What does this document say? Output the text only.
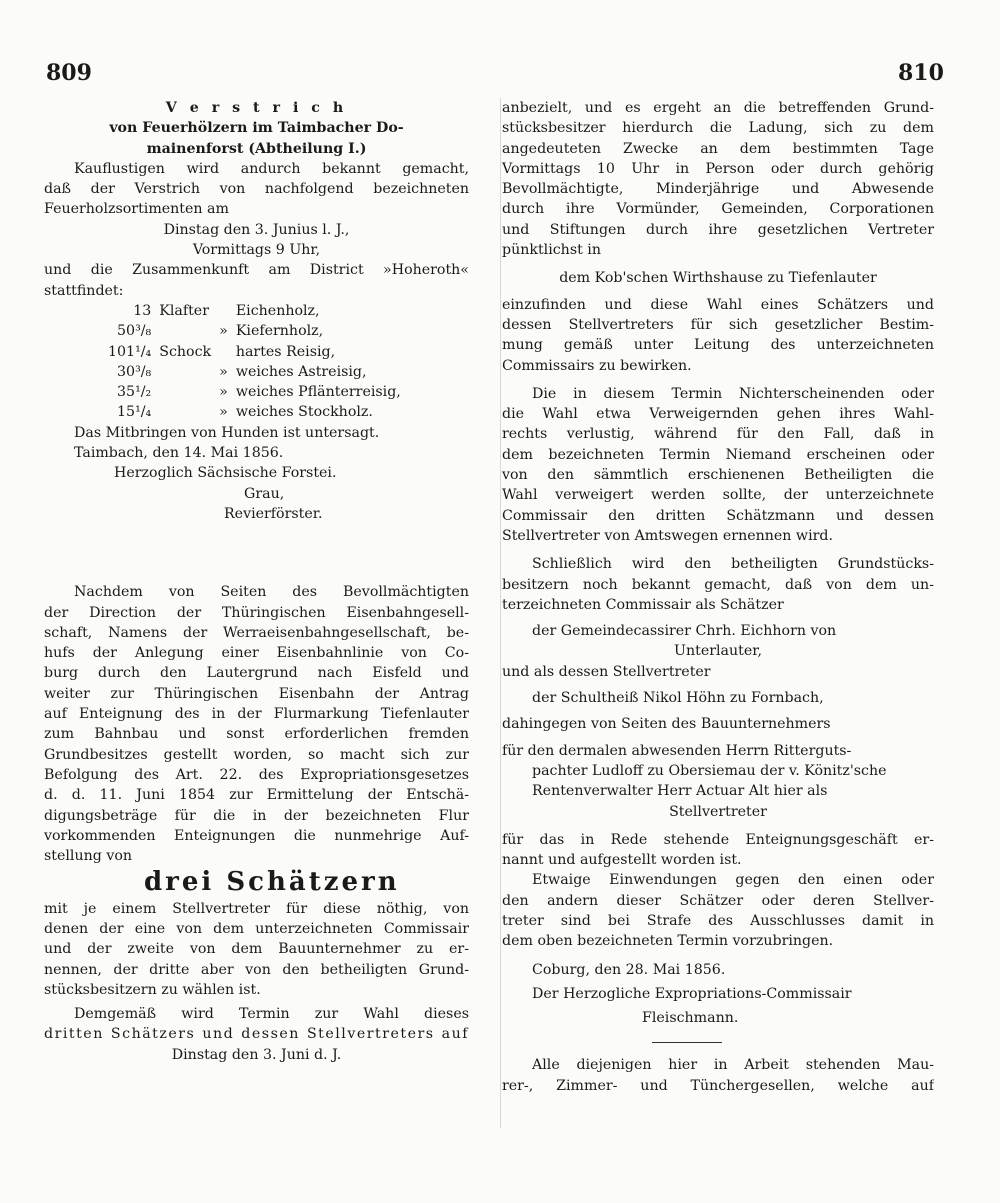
809	810
V e r s t r i c h
von Feuerhölzern im Taimbacher Do-
mainenforst (Abtheilung I.)
Kauflustigen wird andurch bekannt gemacht,
daß der Verstrich von nachfolgend bezeichneten
Feuerholzsortimenten am
Dinstag den 3. Junius l. J.,
Vormittags 9 Uhr,
und die Zusammenkunft am District »Hoheroth«
stattfindet:
13	Klafter		Eichenholz,
50³/₈		»	Kiefernholz,
101¹/₄	Schock		hartes Reisig,
30³/₈		»	weiches Astreisig,
35¹/₂		»	weiches Pflänterreisig,
15¹/₄		»	weiches Stockholz.
Das Mitbringen von Hunden ist untersagt.
Taimbach, den 14. Mai 1856.
Herzoglich Sächsische Forstei.
Grau,
Revierförster.
Nachdem von Seiten des Bevollmächtigten
der Direction der Thüringischen Eisenbahngesell-
schaft, Namens der Werraeisenbahngesellschaft, be-
hufs der Anlegung einer Eisenbahnlinie von Co-
burg durch den Lautergrund nach Eisfeld und
weiter zur Thüringischen Eisenbahn der Antrag
auf Enteignung des in der Flurmarkung Tiefenlauter
zum Bahnbau und sonst erforderlichen fremden
Grundbesitzes gestellt worden, so macht sich zur
Befolgung des Art. 22. des Expropriationsgesetzes
d. d. 11. Juni 1854 zur Ermittelung der Entschä-
digungsbeträge für die in der bezeichneten Flur
vorkommenden Enteignungen die nunmehrige Auf-
stellung von
drei Schätzern
mit je einem Stellvertreter für diese nöthig, von
denen der eine von dem unterzeichneten Commissair
und der zweite von dem Bauunternehmer zu er-
nennen, der dritte aber von den betheiligten Grund-
stücksbesitzern zu wählen ist.
Demgemäß wird Termin zur Wahl dieses
dritten Schätzers und dessen Stellvertreters auf
Dinstag den 3. Juni d. J.
anbezielt, und es ergeht an die betreffenden Grund-
stücksbesitzer hierdurch die Ladung, sich zu dem
angedeuteten Zwecke an dem bestimmten Tage
Vormittags 10 Uhr in Person oder durch gehörig
Bevollmächtigte, Minderjährige und Abwesende
durch ihre Vormünder, Gemeinden, Corporationen
und Stiftungen durch ihre gesetzlichen Vertreter
pünktlichst in
dem Kob'schen Wirthshause zu Tiefenlauter
einzufinden und diese Wahl eines Schätzers und
dessen Stellvertreters für sich gesetzlicher Bestim-
mung gemäß unter Leitung des unterzeichneten
Commissairs zu bewirken.
Die in diesem Termin Nichterscheinenden oder
die Wahl etwa Verweigernden gehen ihres Wahl-
rechts verlustig, während für den Fall, daß in
dem bezeichneten Termin Niemand erscheinen oder
von den sämmtlich erschienenen Betheiligten die
Wahl verweigert werden sollte, der unterzeichnete
Commissair den dritten Schätzmann und dessen
Stellvertreter von Amtswegen ernennen wird.
Schließlich wird den betheiligten Grundstücks-
besitzern noch bekannt gemacht, daß von dem un-
terzeichneten Commissair als Schätzer
der Gemeindecassirer Chrh. Eichhorn von
Unterlauter,
und als dessen Stellvertreter
der Schultheiß Nikol Höhn zu Fornbach,
dahingegen von Seiten des Bauunternehmers
für den dermalen abwesenden Herrn Ritterguts-
pachter Ludloff zu Obersiemau der v. Könitz'sche
Rentenverwalter Herr Actuar Alt hier als
Stellvertreter
für das in Rede stehende Enteignungsgeschäft er-
nannt und aufgestellt worden ist.
Etwaige Einwendungen gegen den einen oder
den andern dieser Schätzer oder deren Stellver-
treter sind bei Strafe des Ausschlusses damit in
dem oben bezeichneten Termin vorzubringen.
Coburg, den 28. Mai 1856.
Der Herzogliche Expropriations-Commissair
Fleischmann.
Alle diejenigen hier in Arbeit stehenden Mau-
rer-, Zimmer- und Tünchergesellen, welche auf
